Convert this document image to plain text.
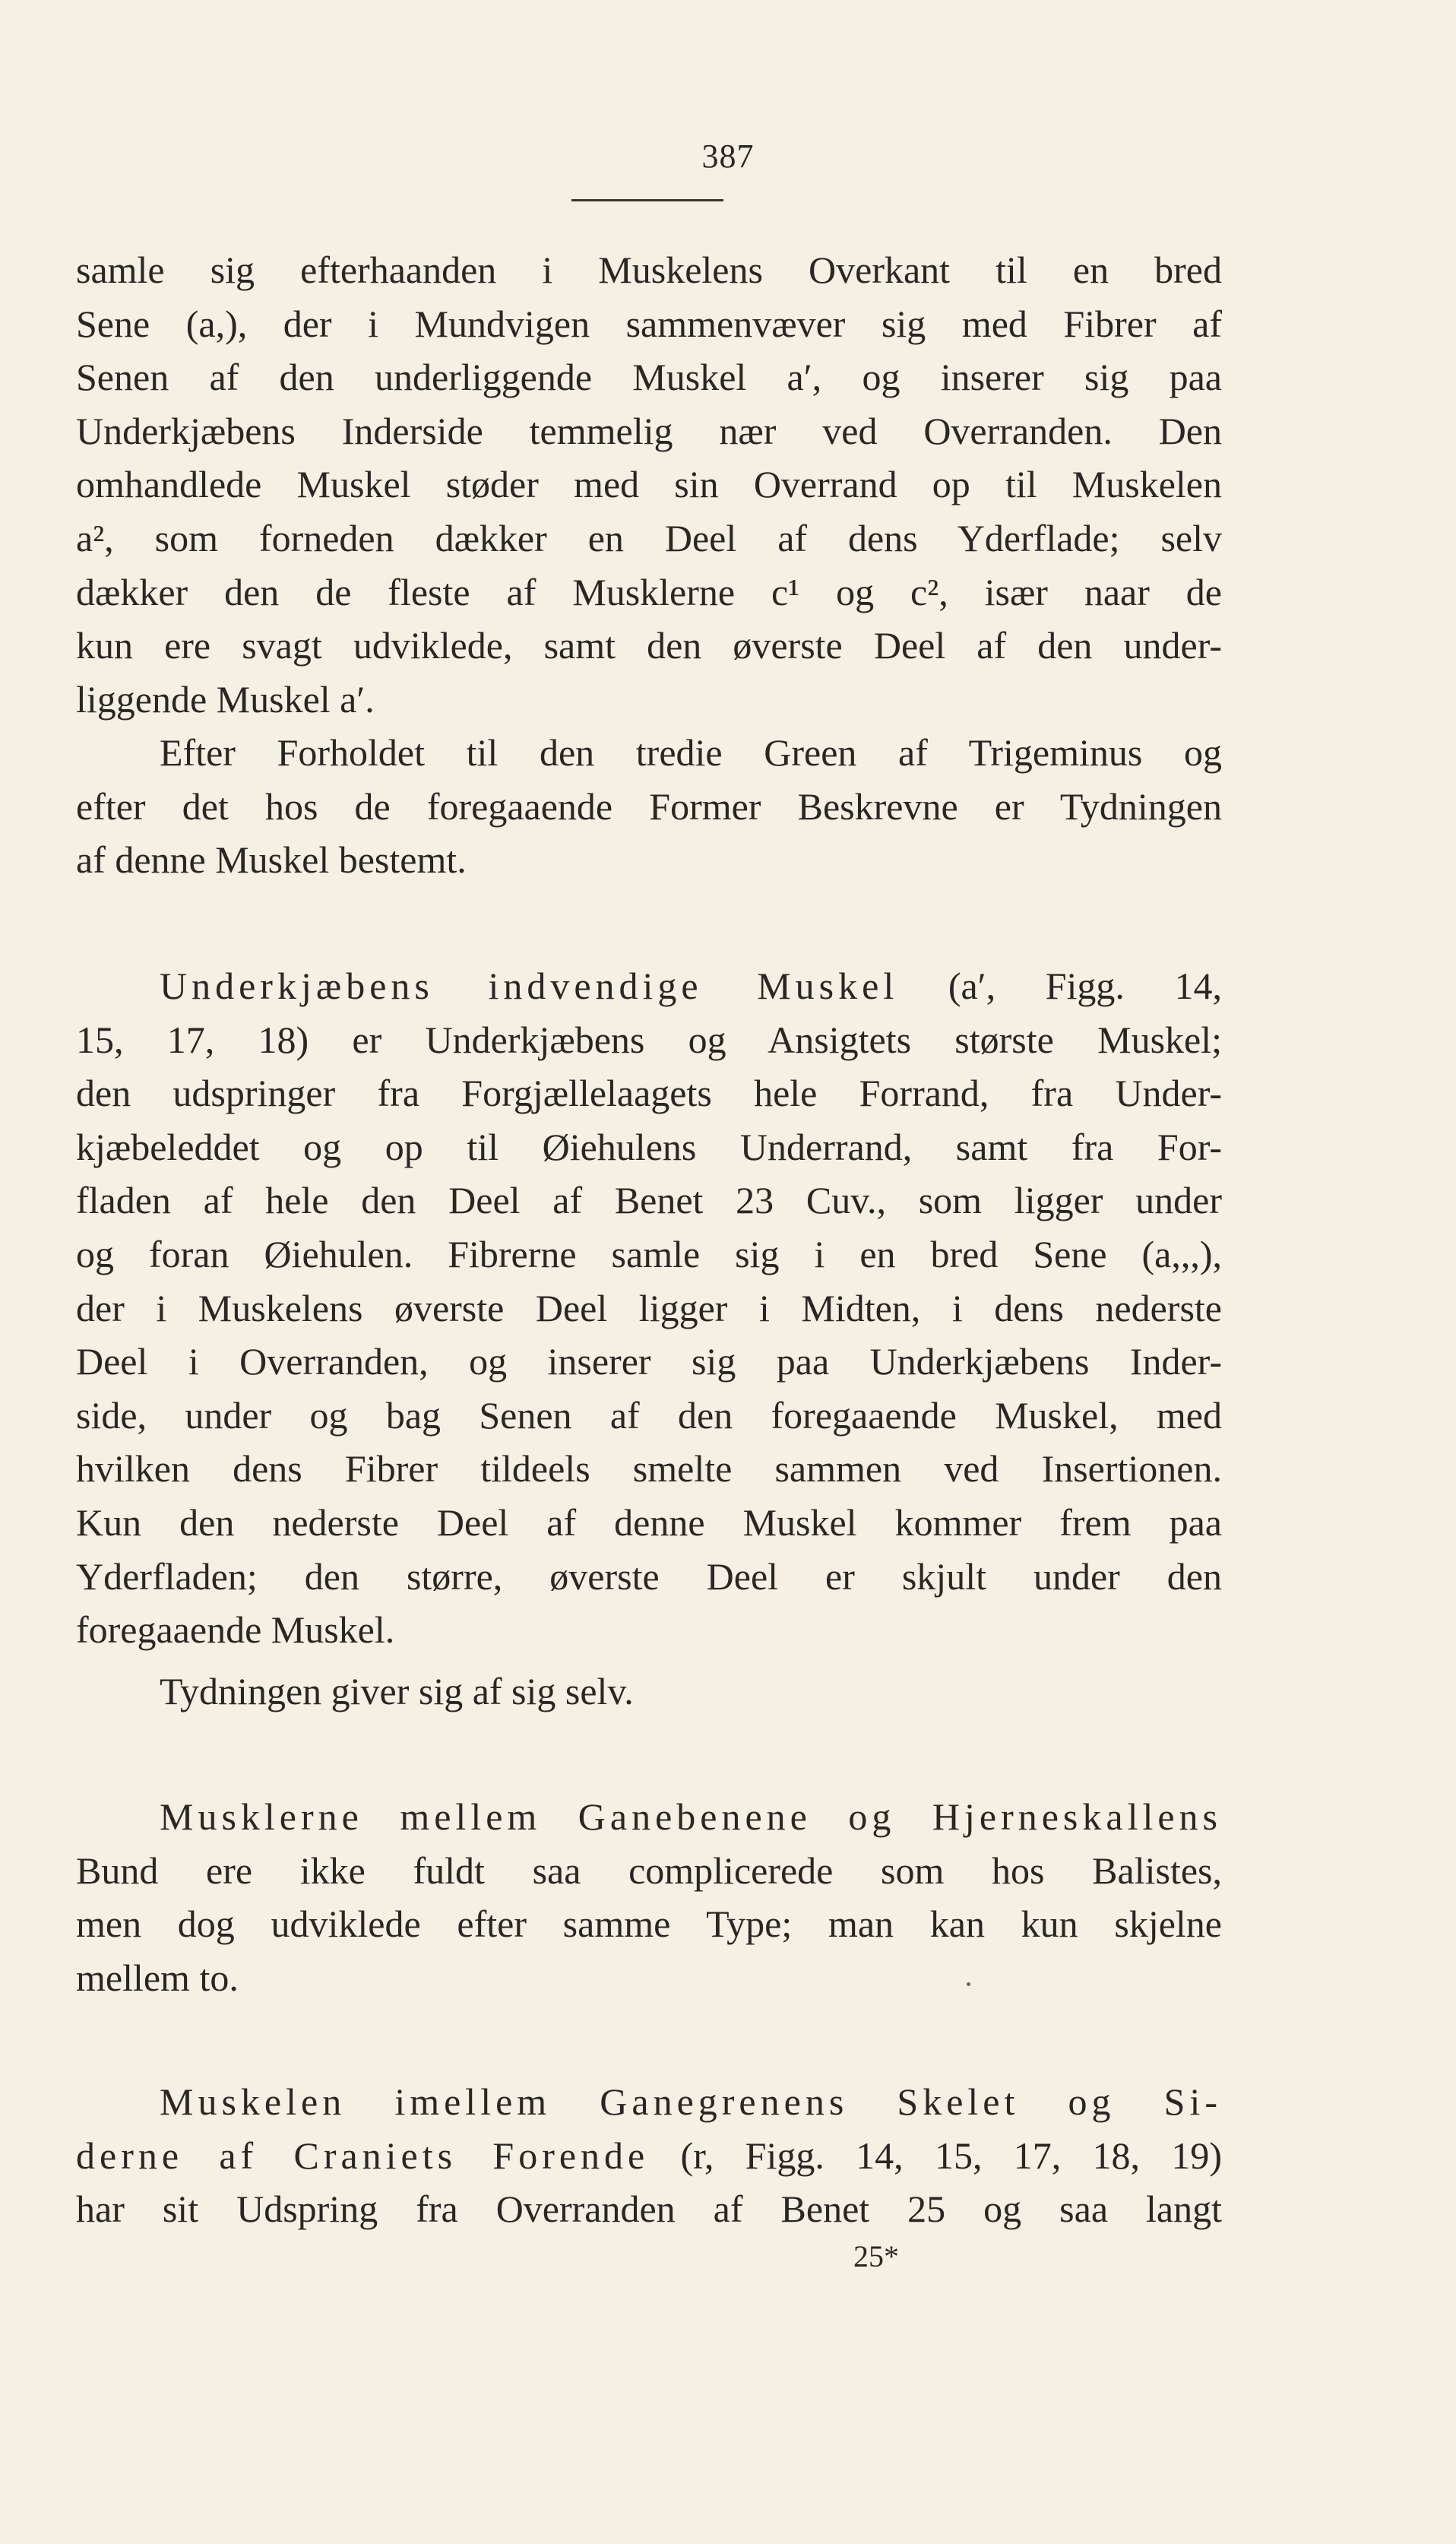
387
samle sig efterhaanden i Muskelens Overkant til en bred
Sene (a,), der i Mundvigen sammenvæver sig med Fibrer af
Senen af den underliggende Muskel a′, og inserer sig paa
Underkjæbens Inderside temmelig nær ved Overranden. Den
omhandlede Muskel støder med sin Overrand op til Muskelen
a², som forneden dækker en Deel af dens Yderflade; selv
dækker den de fleste af Musklerne c¹ og c², især naar de
kun ere svagt udviklede, samt den øverste Deel af den under-
liggende Muskel a′.
Efter Forholdet til den tredie Green af Trigeminus og
efter det hos de foregaaende Former Beskrevne er Tydningen
af denne Muskel bestemt.
Underkjæbens indvendige Muskel (a′, Figg. 14,
15, 17, 18) er Underkjæbens og Ansigtets største Muskel;
den udspringer fra Forgjællelaagets hele Forrand, fra Under-
kjæbeleddet og op til Øiehulens Underrand, samt fra For-
fladen af hele den Deel af Benet 23 Cuv., som ligger under
og foran Øiehulen. Fibrerne samle sig i en bred Sene (a,,,),
der i Muskelens øverste Deel ligger i Midten, i dens nederste
Deel i Overranden, og inserer sig paa Underkjæbens Inder-
side, under og bag Senen af den foregaaende Muskel, med
hvilken dens Fibrer tildeels smelte sammen ved Insertionen.
Kun den nederste Deel af denne Muskel kommer frem paa
Yderfladen; den større, øverste Deel er skjult under den
foregaaende Muskel.
Tydningen giver sig af sig selv.
Musklerne mellem Ganebenene og Hjerneskallens
Bund ere ikke fuldt saa complicerede som hos Balistes,
men dog udviklede efter samme Type; man kan kun skjelne
mellem to.
Muskelen imellem Ganegrenens Skelet og Si-
derne af Craniets Forende (r, Figg. 14, 15, 17, 18, 19)
har sit Udspring fra Overranden af Benet 25 og saa langt
25*
